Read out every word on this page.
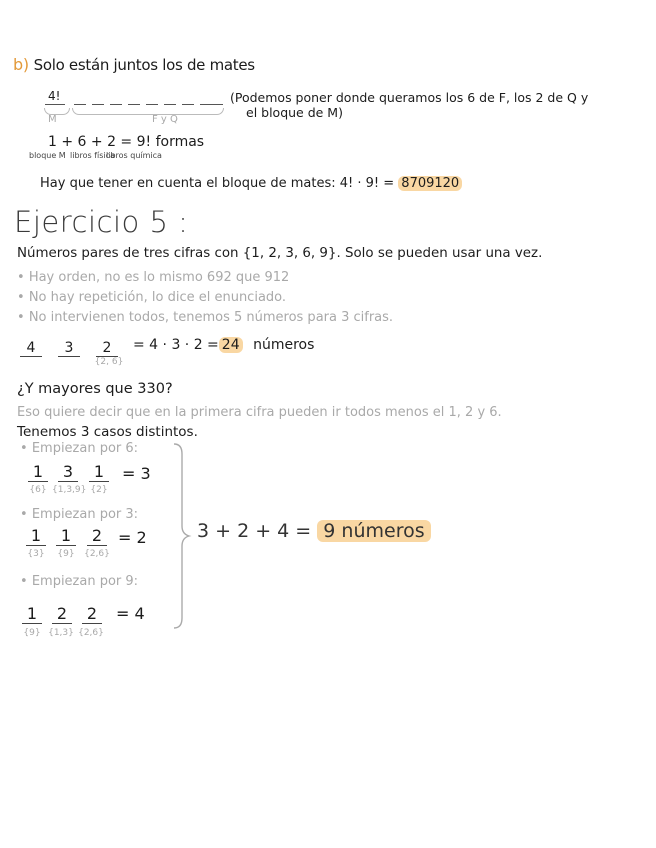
b) Solo están juntos los de mates
4!
M	F y Q
(Podemos poner donde queramos los 6 de F, los 2 de Q y
el bloque de M)
1 + 6 + 2 = 9! formas
bloque M libros física
libros química
Hay que tener en cuenta el bloque de mates: 4! · 9! = 8709120
Ejercicio 5 :
Números pares de tres cifras con {1, 2, 3, 6, 9}. Solo se pueden usar una vez.
• Hay orden, no es lo mismo 692 que 912
• No hay repetición, lo dice el enunciado.
• No intervienen todos, tenemos 5 números para 3 cifras.
4	3	2
{2, 6}
= 4 · 3 · 2 = 24 números
¿Y mayores que 330?
Eso quiere decir que en la primera cifra pueden ir todos menos el 1, 2 y 6.
Tenemos 3 casos distintos.
• Empiezan por 6:
1	3	1
{6} {1,3,9} {2}
= 3
• Empiezan por 3:
1	1	2
{3}	{9}	{2,6}
= 2
• Empiezan por 9:
1	2	2
{9} {1,3} {2,6}
= 4
3 + 2 + 4 = 9 números
